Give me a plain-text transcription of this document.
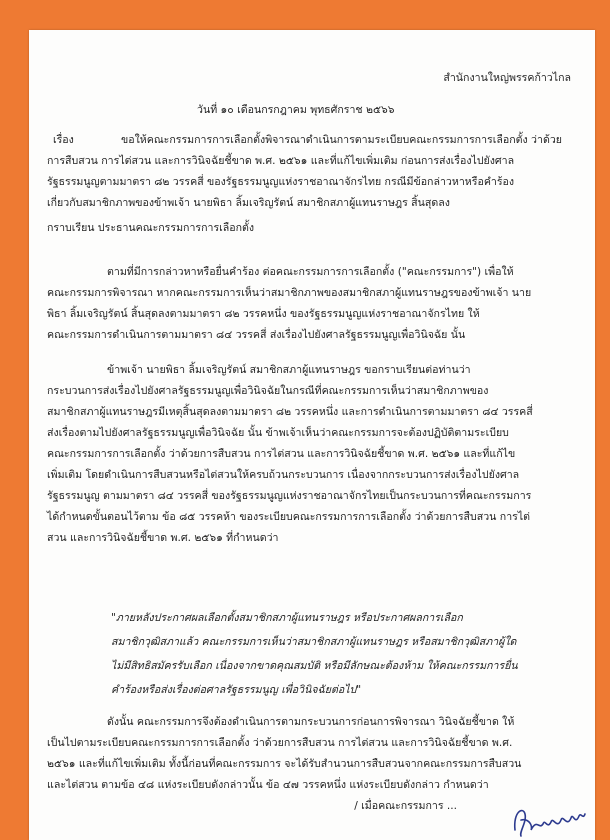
สำนักงานใหญ่พรรคก้าวไกล
วันที่ ๑๐ เดือนกรกฎาคม พุทธศักราช ๒๕๖๖
เรื่อง	ขอให้คณะกรรมการการเลือกตั้งพิจารณาดำเนินการตามระเบียบคณะกรรมการการเลือกตั้ง ว่าด้วย
การสืบสวน การไต่สวน และการวินิจฉัยชี้ขาด พ.ศ. ๒๕๖๑ และที่แก้ไขเพิ่มเติม ก่อนการส่งเรื่องไปยังศาล
รัฐธรรมนูญตามมาตรา ๘๒ วรรคสี่ ของรัฐธรรมนูญแห่งราชอาณาจักรไทย กรณีมีข้อกล่าวหาหรือคำร้อง
เกี่ยวกับสมาชิกภาพของข้าพเจ้า นายพิธา ลิ้มเจริญรัตน์ สมาชิกสภาผู้แทนราษฎร สิ้นสุดลง
กราบเรียน ประธานคณะกรรมการการเลือกตั้ง
ตามที่มีการกล่าวหาหรือยื่นคำร้อง ต่อคณะกรรมการการเลือกตั้ง ("คณะกรรมการ") เพื่อให้
คณะกรรมการพิจารณา หากคณะกรรมการเห็นว่าสมาชิกภาพของสมาชิกสภาผู้แทนราษฎรของข้าพเจ้า นาย
พิธา ลิ้มเจริญรัตน์ สิ้นสุดลงตามมาตรา ๘๒ วรรคหนึ่ง ของรัฐธรรมนูญแห่งราชอาณาจักรไทย ให้
คณะกรรมการดำเนินการตามมาตรา ๘๔ วรรคสี่ ส่งเรื่องไปยังศาลรัฐธรรมนูญเพื่อวินิจฉัย นั้น
ข้าพเจ้า นายพิธา ลิ้มเจริญรัตน์ สมาชิกสภาผู้แทนราษฎร ขอกราบเรียนต่อท่านว่า
กระบวนการส่งเรื่องไปยังศาลรัฐธรรมนูญเพื่อวินิจฉัยในกรณีที่คณะกรรมการเห็นว่าสมาชิกภาพของ
สมาชิกสภาผู้แทนราษฎรมีเหตุสิ้นสุดลงตามมาตรา ๘๒ วรรคหนึ่ง และการดำเนินการตามมาตรา ๘๔ วรรคสี่
ส่งเรื่องตามไปยังศาลรัฐธรรมนูญเพื่อวินิจฉัย นั้น ข้าพเจ้าเห็นว่าคณะกรรมการจะต้องปฏิบัติตามระเบียบ
คณะกรรมการการเลือกตั้ง ว่าด้วยการสืบสวน การไต่สวน และการวินิจฉัยชี้ขาด พ.ศ. ๒๕๖๑ และที่แก้ไข
เพิ่มเติม โดยดำเนินการสืบสวนหรือไต่สวนให้ครบถ้วนกระบวนการ เนื่องจากกระบวนการส่งเรื่องไปยังศาล
รัฐธรรมนูญ ตามมาตรา ๘๔ วรรคสี่ ของรัฐธรรมนูญแห่งราชอาณาจักรไทยเป็นกระบวนการที่คณะกรรมการ
ได้กำหนดขั้นตอนไว้ตาม ข้อ ๘๕ วรรคห้า ของระเบียบคณะกรรมการการเลือกตั้ง ว่าด้วยการสืบสวน การไต่
สวน และการวินิจฉัยชี้ขาด พ.ศ. ๒๕๖๑ ที่กำหนดว่า
"ภายหลังประกาศผลเลือกตั้งสมาชิกสภาผู้แทนราษฎร หรือประกาศผลการเลือก
สมาชิกวุฒิสภาแล้ว คณะกรรมการเห็นว่าสมาชิกสภาผู้แทนราษฎร หรือสมาชิกวุฒิสภาผู้ใด
ไม่มีสิทธิสมัครรับเลือก เนื่องจากขาดคุณสมบัติ หรือมีลักษณะต้องห้าม ให้คณะกรรมการยื่น
คำร้องหรือส่งเรื่องต่อศาลรัฐธรรมนูญ เพื่อวินิจฉัยต่อไป"
ดังนั้น คณะกรรมการจึงต้องดำเนินการตามกระบวนการก่อนการพิจารณา วินิจฉัยชี้ขาด ให้
เป็นไปตามระเบียบคณะกรรมการการเลือกตั้ง ว่าด้วยการสืบสวน การไต่สวน และการวินิจฉัยชี้ขาด พ.ศ.
๒๕๖๑ และที่แก้ไขเพิ่มเติม ทั้งนี้ก่อนที่คณะกรรมการ จะได้รับสำนวนการสืบสวนจากคณะกรรมการสืบสวน
และไต่สวน ตามข้อ ๔๘ แห่งระเบียบดังกล่าวนั้น ข้อ ๔๗ วรรคหนึ่ง แห่งระเบียบดังกล่าว กำหนดว่า
/ เมื่อคณะกรรมการ ...
